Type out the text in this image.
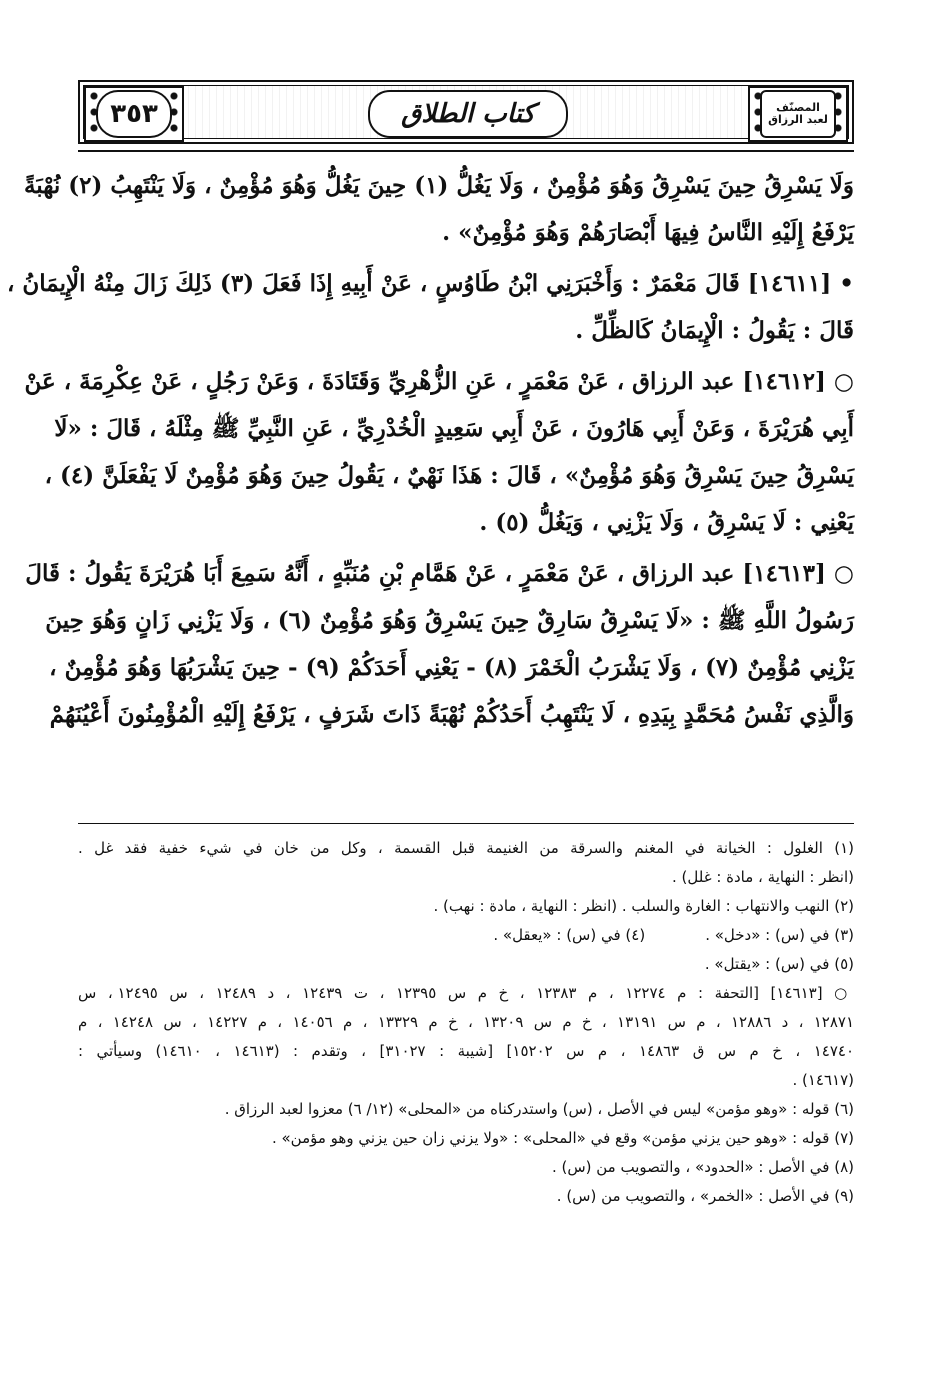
٣٥٣	كتاب الطلاق	المصنّف
لعبد الرزاق

وَلَا يَسْرِقُ حِينَ يَسْرِقُ وَهُوَ مُؤْمِنٌ ، وَلَا يَغُلُّ (١) حِينَ يَغُلُّ وَهُوَ مُؤْمِنٌ ، وَلَا يَنْتَهِبُ (٢) نُهْبَةً
يَرْفَعُ إِلَيْهِ النَّاسُ فِيهَا أَبْصَارَهُمْ وَهُوَ مُؤْمِنٌ» .

• [١٤٦١١] قَالَ مَعْمَرٌ : وَأَخْبَرَنِي ابْنُ طَاوُسٍ ، عَنْ أَبِيهِ إِذَا فَعَلَ (٣) ذَلِكَ زَالَ مِنْهُ الْإِيمَانُ ،
قَالَ : يَقُولُ : الْإِيمَانُ كَالظِّلِّ .

○ [١٤٦١٢] عبد الرزاق ، عَنْ مَعْمَرٍ ، عَنِ الزُّهْرِيِّ وَقَتَادَةَ ، وَعَنْ رَجُلٍ ، عَنْ عِكْرِمَةَ ، عَنْ
أَبِي هُرَيْرَةَ ، وَعَنْ أَبِي هَارُونَ ، عَنْ أَبِي سَعِيدٍ الْخُدْرِيِّ ، عَنِ النَّبِيِّ ﷺ مِثْلَهُ ، قَالَ : «لَا
يَسْرِقُ حِينَ يَسْرِقُ وَهُوَ مُؤْمِنٌ» ، قَالَ : هَذَا نَهْيٌ ، يَقُولُ حِينَ وَهُوَ مُؤْمِنٌ لَا يَفْعَلَنَّ (٤) ،
يَعْنِي : لَا يَسْرِقُ ، وَلَا يَزْنِي ، وَيَغُلُّ (٥) .

○ [١٤٦١٣] عبد الرزاق ، عَنْ مَعْمَرٍ ، عَنْ هَمَّامِ بْنِ مُنَبِّهٍ ، أَنَّهُ سَمِعَ أَبَا هُرَيْرَةَ يَقُولُ : قَالَ
رَسُولُ اللَّهِ ﷺ : «لَا يَسْرِقُ سَارِقٌ حِينَ يَسْرِقُ وَهُوَ مُؤْمِنٌ (٦) ، وَلَا يَزْنِي زَانٍ وَهُوَ حِينَ
يَزْنِي مُؤْمِنٌ (٧) ، وَلَا يَشْرَبُ الْخَمْرَ (٨) - يَعْنِي أَحَدَكُمْ (٩) - حِينَ يَشْرَبُهَا وَهُوَ مُؤْمِنٌ ،
وَالَّذِي نَفْسُ مُحَمَّدٍ بِيَدِهِ ، لَا يَنْتَهِبُ أَحَدُكُمْ نُهْبَةً ذَاتَ شَرَفٍ ، يَرْفَعُ إِلَيْهِ الْمُؤْمِنُونَ أَعْيُنَهُمْ

(١) الغلول : الخيانة في المغنم والسرقة من الغنيمة قبل القسمة ، وكل من خان في شيء خفية فقد غل .
(انظر : النهاية ، مادة : غلل) .

(٢) النهب والانتهاب : الغارة والسلب . (انظر : النهاية ، مادة : نهب) .

(٣) في (س) : «دخل» .
(٤) في (س) : «يعقل» .

(٥) في (س) : «يقتل» .

○ [١٤٦١٣] [التحفة : م ١٢٢٧٤ ، م ١٢٣٨٣ ، خ م س ١٢٣٩٥ ، ت ١٢٤٣٩ ، د ١٢٤٨٩ ، س ١٢٤٩٥ ، س
١٢٨٧١ ، د ١٢٨٨٦ ، م س ١٣١٩١ ، خ م س ١٣٢٠٩ ، خ م ١٣٣٢٩ ، م ١٤٠٥٦ ، م ١٤٢٢٧ ، س ١٤٢٤٨ ، م
١٤٧٤٠ ، خ م س ق ١٤٨٦٣ ، م س ١٥٢٠٢] [شيبة : ٣١٠٢٧] ، وتقدم : (١٤٦١٣ ، ١٤٦١٠) وسيأتي :
(١٤٦١٧) .

(٦) قوله : «وهو مؤمن» ليس في الأصل ، (س) واستدركناه من «المحلى» (١٢/ ٦) معزوا لعبد الرزاق .

(٧) قوله : «وهو حين يزني مؤمن» وقع في «المحلى» : «ولا يزني زان حين يزني وهو مؤمن» .

(٨) في الأصل : «الحدود» ، والتصويب من (س) .

(٩) في الأصل : «الخمر» ، والتصويب من (س) .
